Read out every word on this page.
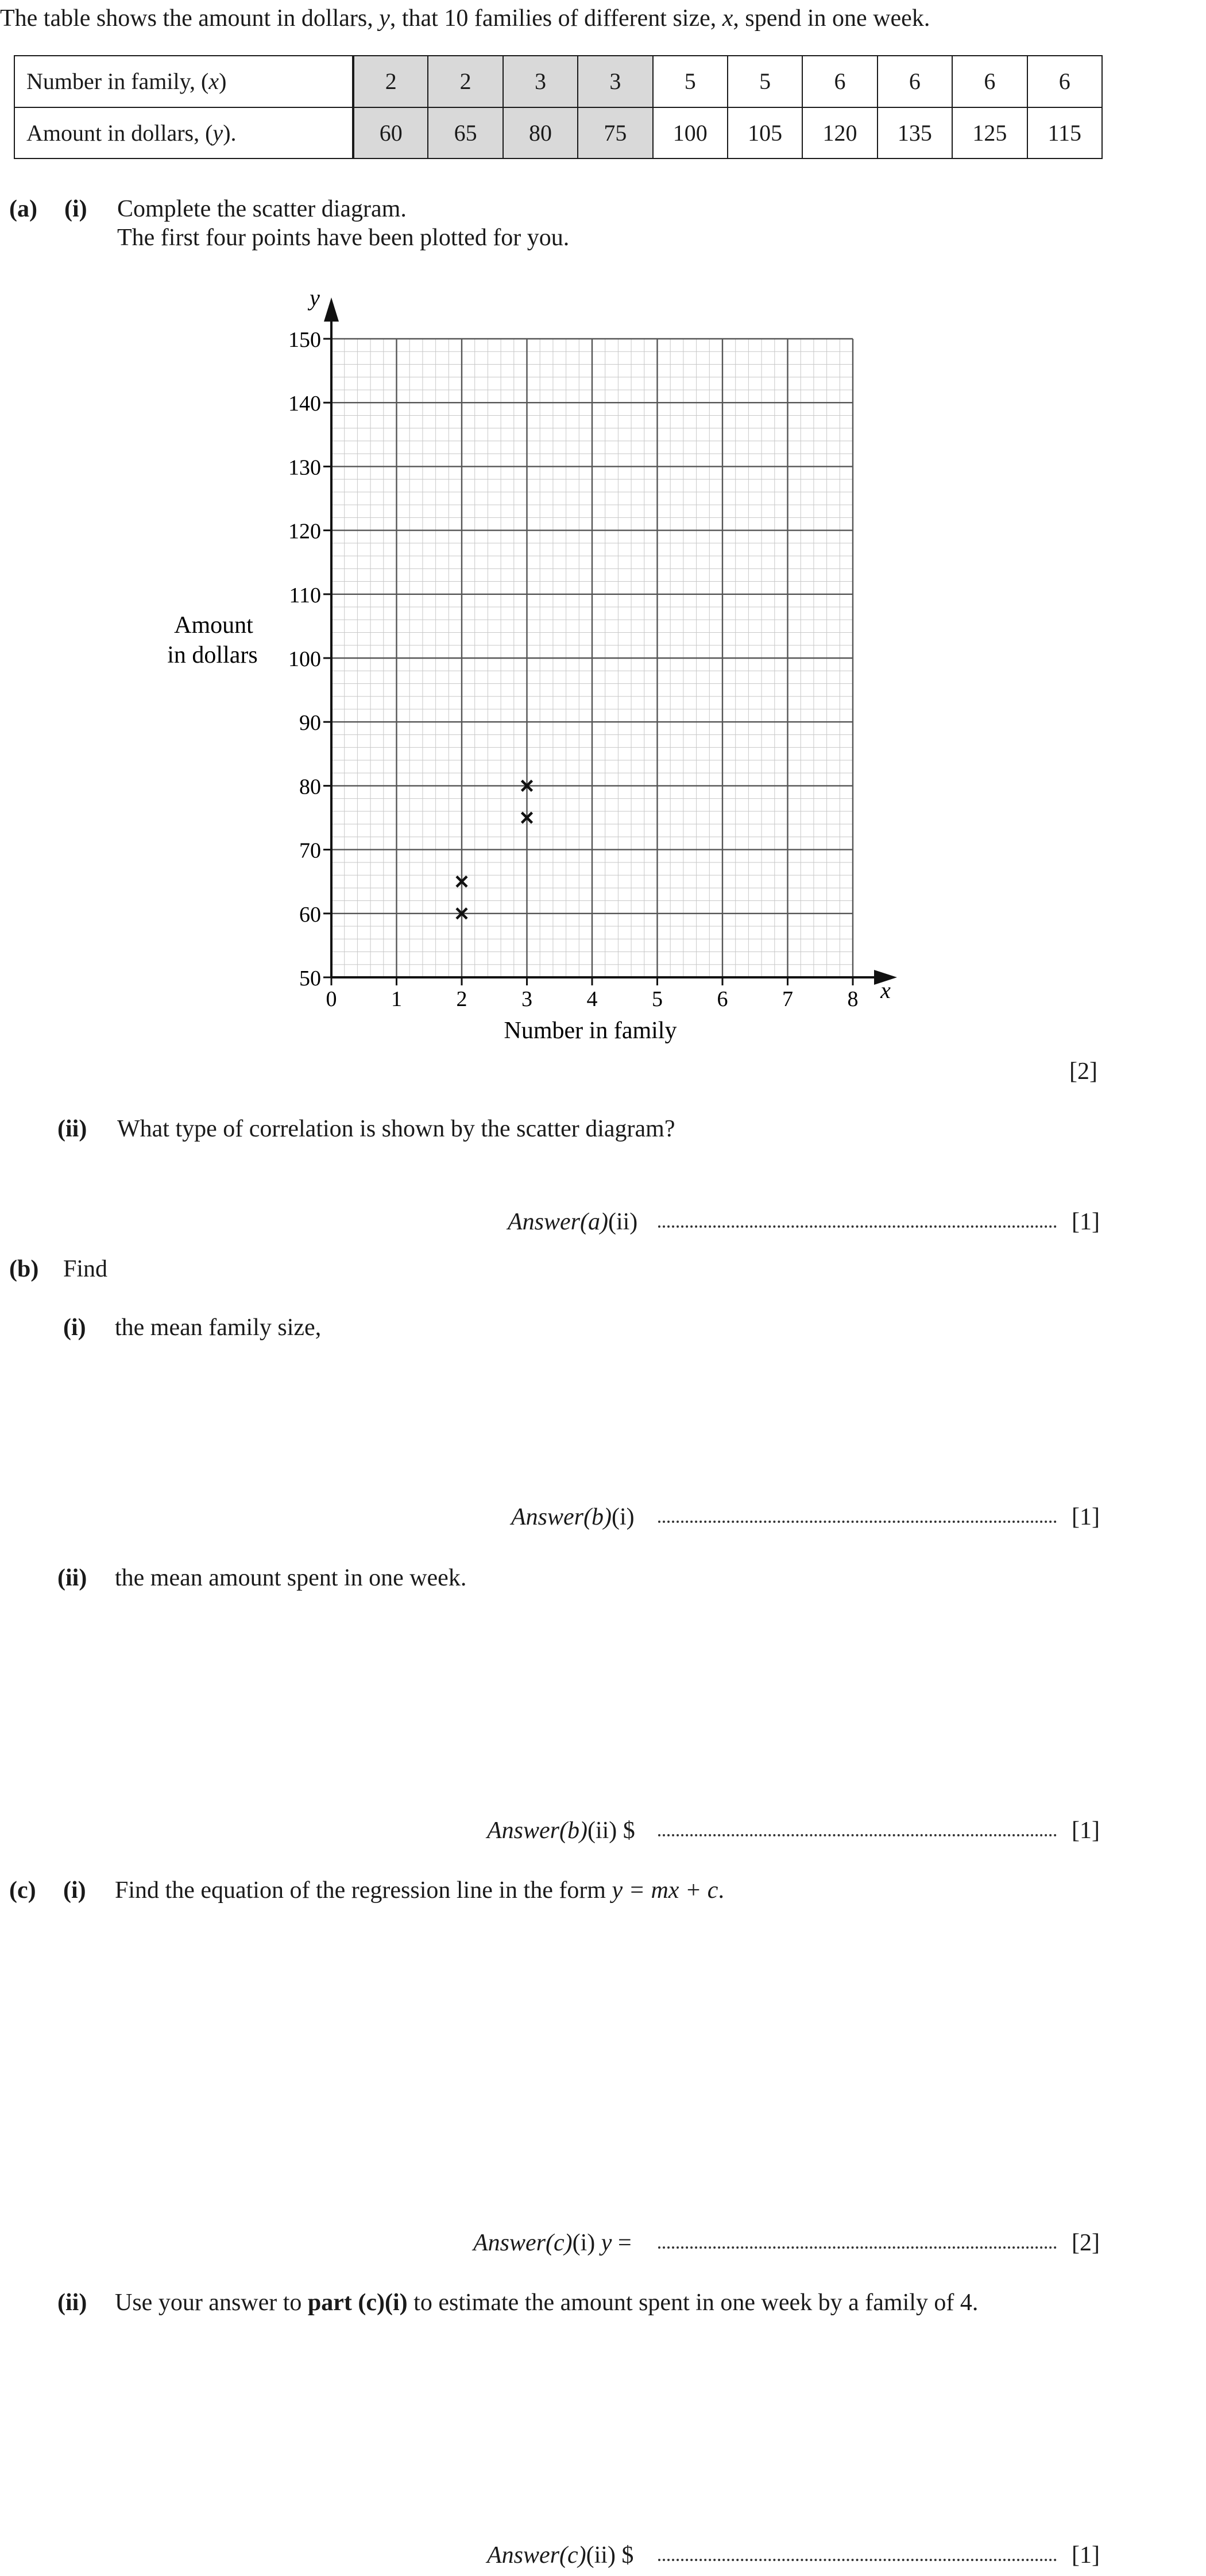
The table shows the amount in dollars, y, that 10 families of different size, x, spend in one week.
Number in family, (x)	2	2	3	3	5	5	6	6	6	6
Amount in dollars, (y).	60	65	80	75	100	105	120	135	125	115
(a) (i) Complete the scatter diagram.
The first four points have been plotted for you.
0 1 2 3 4 5 6 7 8
50
60
70
80
90
100
110
120
130
140
150
Amount
in dollars
Number in family
y
x
[2]
(ii) What type of correlation is shown by the scatter diagram?
Answer(a)(ii)	[1]
(b) Find
(i) the mean family size,
Answer(b)(i)	[1]
(ii) the mean amount spent in one week.
Answer(b)(ii) $	[1]
(c) (i) Find the equation of the regression line in the form y = mx + c.
Answer(c)(i) y =	[2]
(ii) Use your answer to part (c)(i) to estimate the amount spent in one week by a family of 4.
Answer(c)(ii) $	[1]
